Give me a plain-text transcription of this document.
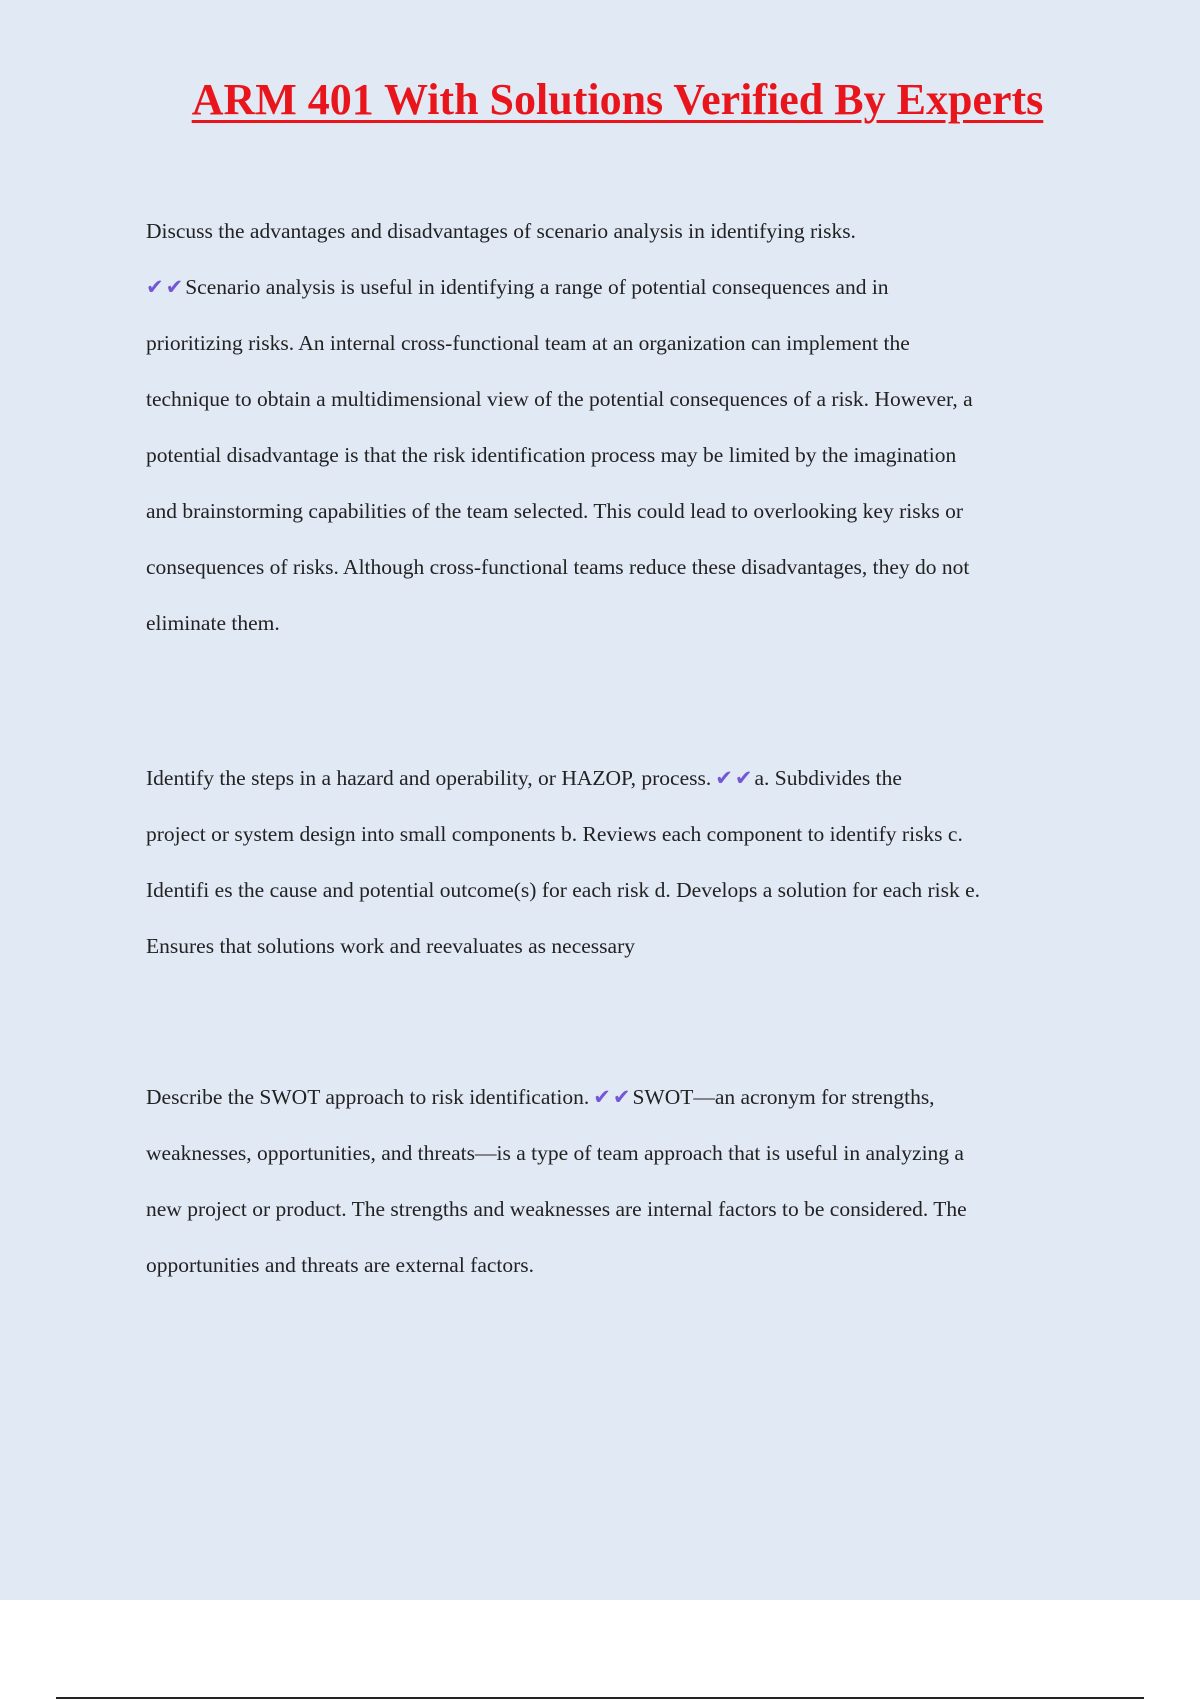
ARM 401 With Solutions Verified By Experts
Discuss the advantages and disadvantages of scenario analysis in identifying risks.
✔✔Scenario analysis is useful in identifying a range of potential consequences and in
prioritizing risks. An internal cross-functional team at an organization can implement the
technique to obtain a multidimensional view of the potential consequences of a risk. However, a
potential disadvantage is that the risk identification process may be limited by the imagination
and brainstorming capabilities of the team selected. This could lead to overlooking key risks or
consequences of risks. Although cross-functional teams reduce these disadvantages, they do not
eliminate them.
Identify the steps in a hazard and operability, or HAZOP, process. ✔✔a. Subdivides the
project or system design into small components b. Reviews each component to identify risks c.
Identifi es the cause and potential outcome(s) for each risk d. Develops a solution for each risk e.
Ensures that solutions work and reevaluates as necessary
Describe the SWOT approach to risk identification. ✔✔SWOT—an acronym for strengths,
weaknesses, opportunities, and threats—is a type of team approach that is useful in analyzing a
new project or product. The strengths and weaknesses are internal factors to be considered. The
opportunities and threats are external factors.
